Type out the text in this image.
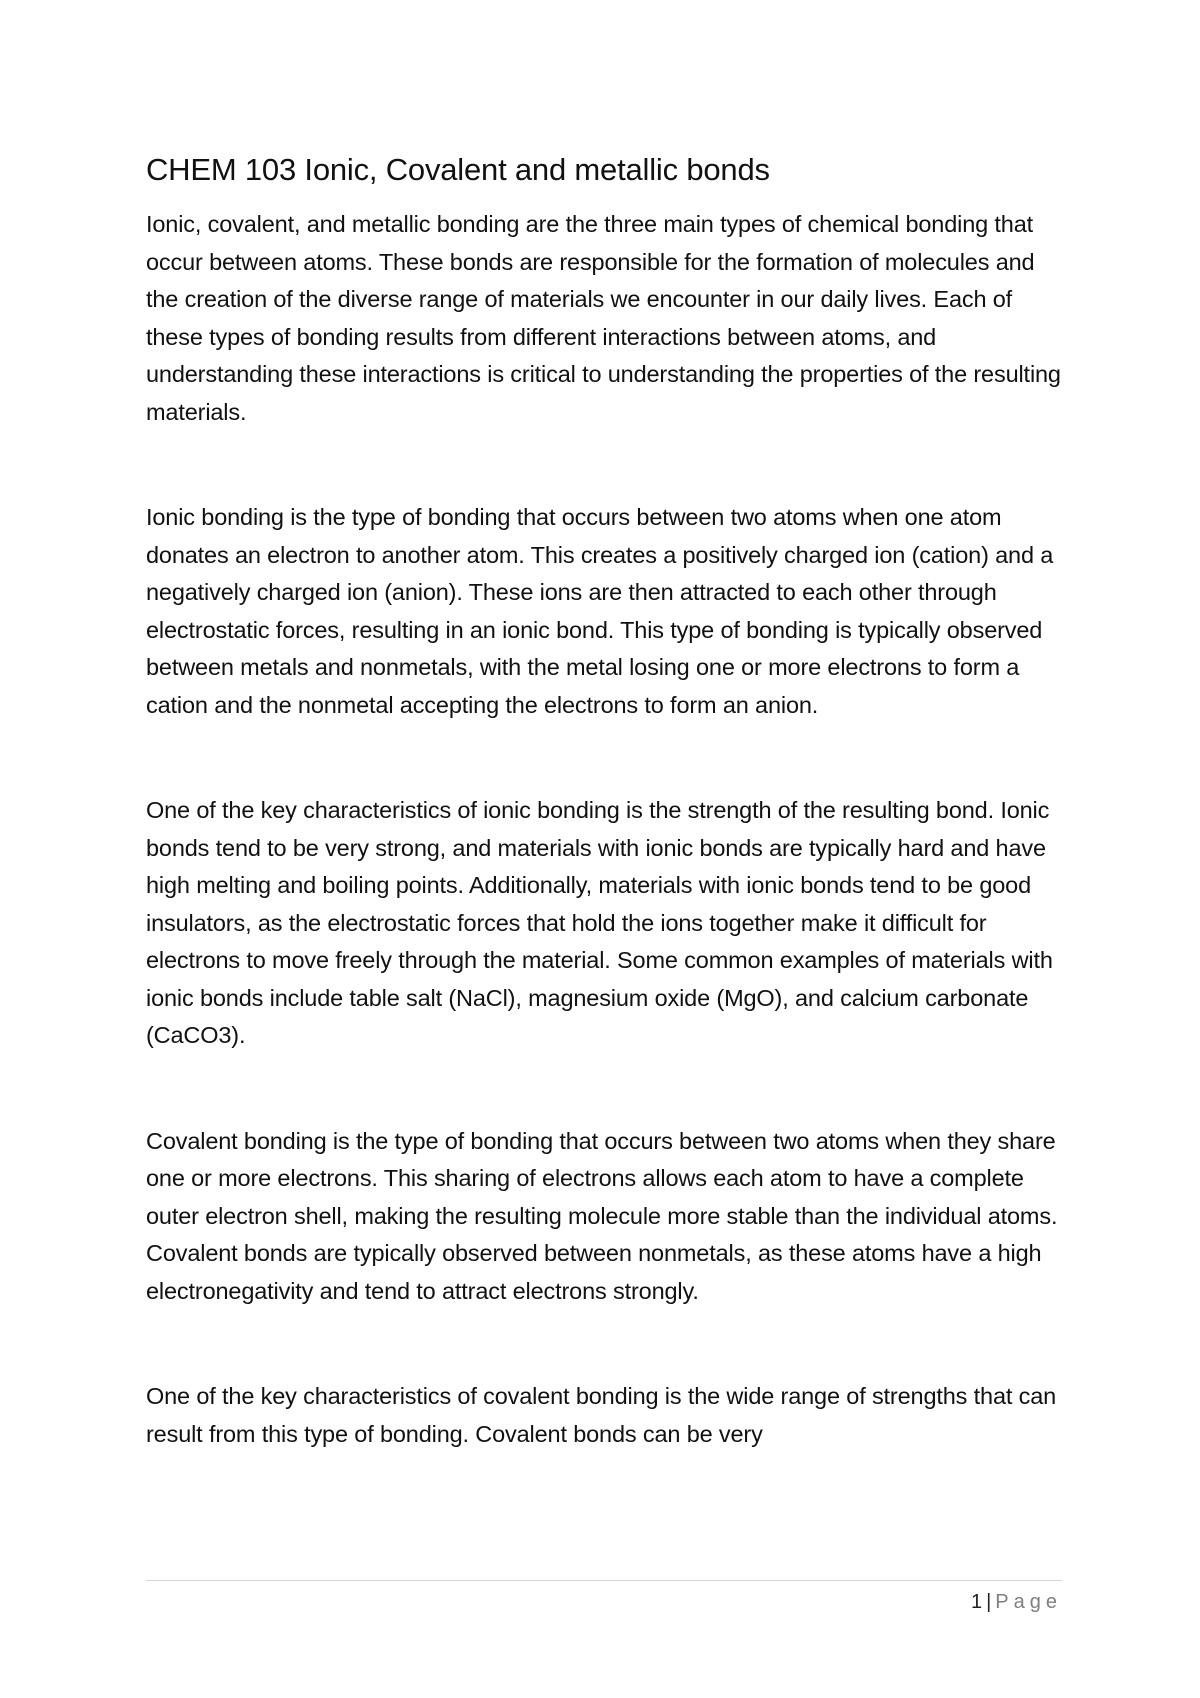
CHEM 103 Ionic, Covalent and metallic bonds

Ionic, covalent, and metallic bonding are the three main types of chemical bonding that occur between atoms. These bonds are responsible for the formation of molecules and the creation of the diverse range of materials we encounter in our daily lives. Each of these types of bonding results from different interactions between atoms, and understanding these interactions is critical to understanding the properties of the resulting materials.

Ionic bonding is the type of bonding that occurs between two atoms when one atom donates an electron to another atom. This creates a positively charged ion (cation) and a negatively charged ion (anion). These ions are then attracted to each other through electrostatic forces, resulting in an ionic bond. This type of bonding is typically observed between metals and nonmetals, with the metal losing one or more electrons to form a cation and the nonmetal accepting the electrons to form an anion.

One of the key characteristics of ionic bonding is the strength of the resulting bond. Ionic bonds tend to be very strong, and materials with ionic bonds are typically hard and have high melting and boiling points. Additionally, materials with ionic bonds tend to be good insulators, as the electrostatic forces that hold the ions together make it difficult for electrons to move freely through the material. Some common examples of materials with ionic bonds include table salt (NaCl), magnesium oxide (MgO), and calcium carbonate (CaCO3).

Covalent bonding is the type of bonding that occurs between two atoms when they share one or more electrons. This sharing of electrons allows each atom to have a complete outer electron shell, making the resulting molecule more stable than the individual atoms. Covalent bonds are typically observed between nonmetals, as these atoms have a high electronegativity and tend to attract electrons strongly.

One of the key characteristics of covalent bonding is the wide range of strengths that can result from this type of bonding. Covalent bonds can be very

1 | Page
